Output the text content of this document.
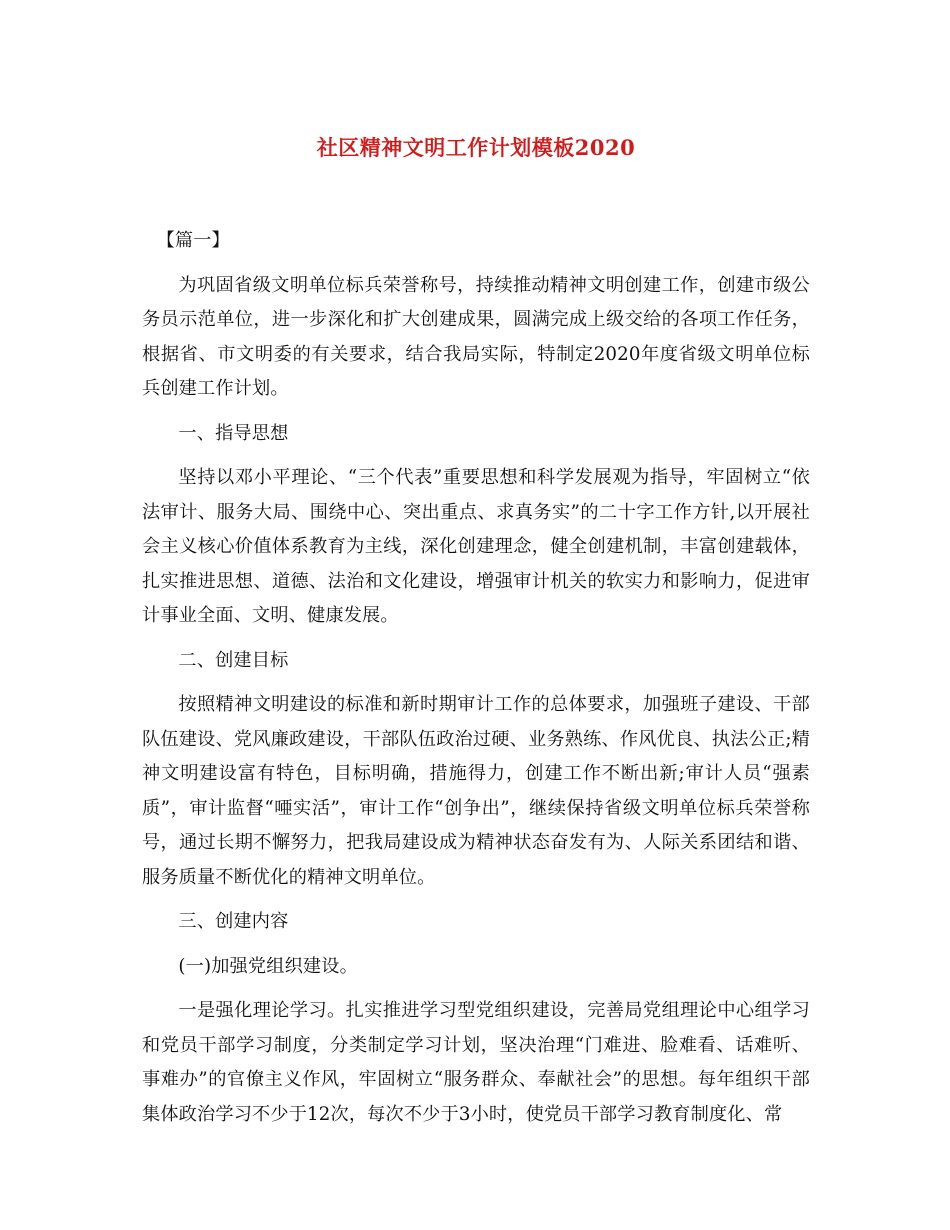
社区精神文明工作计划模板2020

【篇一】

为巩固省级文明单位标兵荣誉称号，持续推动精神文明创建工作，创建市级公务员示范单位，进一步深化和扩大创建成果，圆满完成上级交给的各项工作任务，根据省、市文明委的有关要求，结合我局实际，特制定2020年度省级文明单位标兵创建工作计划。

一、指导思想

坚持以邓小平理论、“三个代表”重要思想和科学发展观为指导，牢固树立“依法审计、服务大局、围绕中心、突出重点、求真务实”的二十字工作方针,以开展社会主义核心价值体系教育为主线，深化创建理念，健全创建机制，丰富创建载体，扎实推进思想、道德、法治和文化建设，增强审计机关的软实力和影响力，促进审计事业全面、文明、健康发展。

二、创建目标

按照精神文明建设的标准和新时期审计工作的总体要求，加强班子建设、干部队伍建设、党风廉政建设，干部队伍政治过硬、业务熟练、作风优良、执法公正;精神文明建设富有特色，目标明确，措施得力，创建工作不断出新;审计人员“强素质”，审计监督“唖实活”，审计工作“创争出”，继续保持省级文明单位标兵荣誉称号，通过长期不懈努力，把我局建设成为精神状态奋发有为、人际关系团结和谐、服务质量不断优化的精神文明单位。

三、创建内容

(一)加强党组织建设。

一是强化理论学习。扎实推进学习型党组织建设，完善局党组理论中心组学习和党员干部学习制度，分类制定学习计划，坚决治理“门难进、脸难看、话难听、事难办”的官僚主义作风，牢固树立“服务群众、奉献社会”的思想。每年组织干部集体政治学习不少于12次，每次不少于3小时，使党员干部学习教育制度化、常
